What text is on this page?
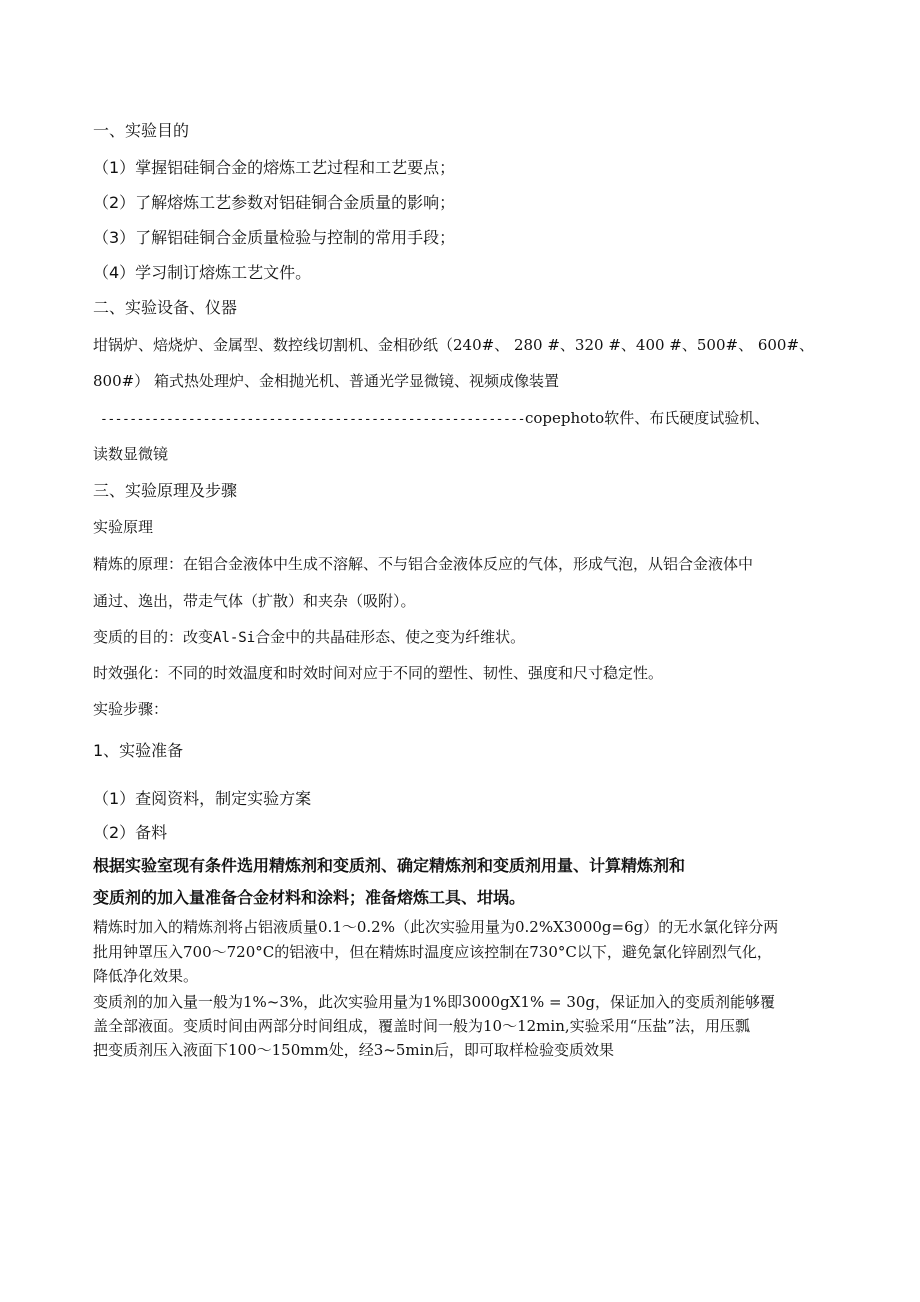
一、实验目的
（1）掌握铝硅铜合金的熔炼工艺过程和工艺要点；
（2）了解熔炼工艺参数对铝硅铜合金质量的影响；
（3）了解铝硅铜合金质量检验与控制的常用手段；
（4）学习制订熔炼工艺文件。
二、实验设备、仪器
坩锅炉、焙烧炉、金属型、数控线切割机、金相砂纸（240#、 280 #、320 #、400 #、500#、 600#、
800#） 箱式热处理炉、金相抛光机、普通光学显微镜、视频成像装置
----------------------------------------------------------copephoto软件、布氏硬度试验机、
读数显微镜
三、实验原理及步骤
实验原理
精炼的原理：在铝合金液体中生成不溶解、不与铝合金液体反应的气体，形成气泡，从铝合金液体中
通过、逸出，带走气体（扩散）和夹杂（吸附）。
变质的目的：改变Al-Si合金中的共晶硅形态、使之变为纤维状。
时效强化：不同的时效温度和时效时间对应于不同的塑性、韧性、强度和尺寸稳定性。
实验步骤：
1、实验准备
（1）查阅资料，制定实验方案
（2）备料
根据实验室现有条件选用精炼剂和变质剂、确定精炼剂和变质剂用量、计算精炼剂和
变质剂的加入量准备合金材料和涂料；准备熔炼工具、坩埚。
精炼时加入的精炼剂将占铝液质量0.1～0.2%（此次实验用量为0.2%X3000g=6g）的无水氯化锌分两
批用钟罩压入700～720°C的铝液中，但在精炼时温度应该控制在730°C以下，避免氯化锌剧烈气化，
降低净化效果。
变质剂的加入量一般为1%~3%，此次实验用量为1%即3000gX1% = 30g，保证加入的变质剂能够覆
盖全部液面。变质时间由两部分时间组成，覆盖时间一般为10～12min,实验采用“压盐”法，用压瓢
把变质剂压入液面下100～150mm处，经3~5min后，即可取样检验变质效果
